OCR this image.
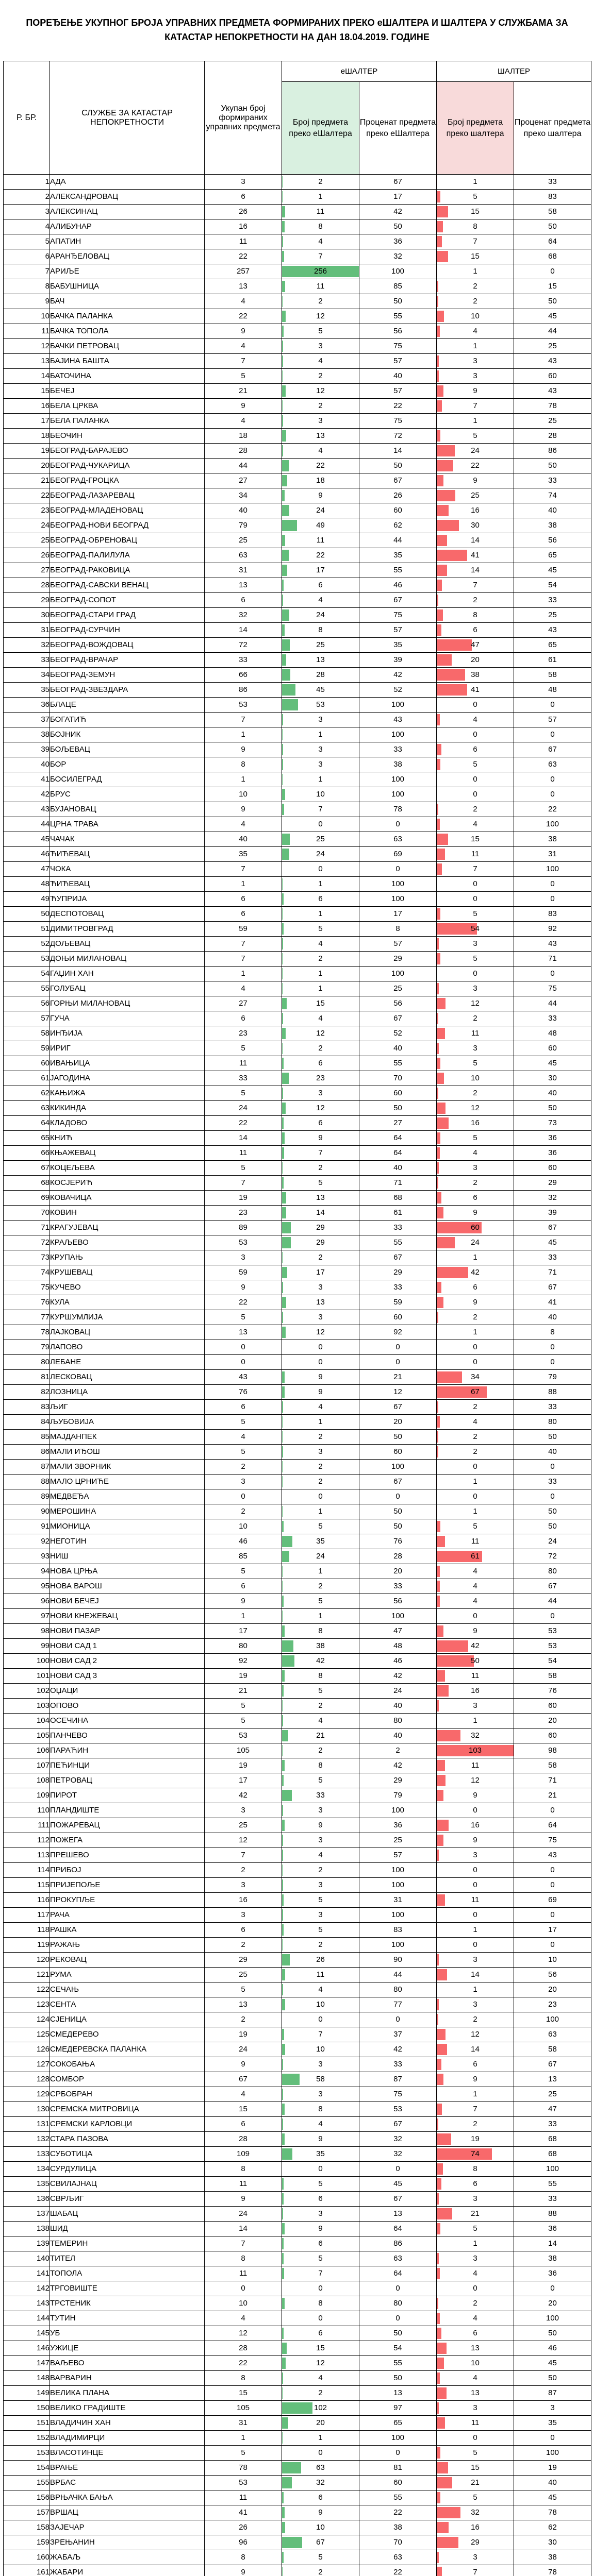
ПОРЕЂЕЊЕ УКУПНОГ БРОЈА УПРАВНИХ ПРЕДМЕТА ФОРМИРАНИХ ПРЕКО еШАЛТЕРА И ШАЛТЕРА У СЛУЖБАМА ЗА КАТАСТАР НЕПОКРЕТНОСТИ НА ДАН 18.04.2019. ГОДИНЕ
Р. БР.	СЛУЖБЕ ЗА КАТАСТАР НЕПОКРЕТНОСТИ	Укупан број формираних управних предмета	еШАЛТЕР		ШАЛТЕР	
			Број предмета преко еШалтера	Проценат предмета преко еШалтера	Број предмета преко шалтера	Проценат предмета преко шалтера
1	АДА	3	2	67	1	33
2	АЛЕКСАНДРОВАЦ	6	1	17	5	83
3	АЛЕКСИНАЦ	26	11	42	15	58
4	АЛИБУНАР	16	8	50	8	50
5	АПАТИН	11	4	36	7	64
6	АРАНЂЕЛОВАЦ	22	7	32	15	68
7	АРИЉЕ	257	256	100	1	0
8	БАБУШНИЦА	13	11	85	2	15
9	БАЧ	4	2	50	2	50
10	БАЧКА ПАЛАНКА	22	12	55	10	45
11	БАЧКА ТОПОЛА	9	5	56	4	44
12	БАЧКИ ПЕТРОВАЦ	4	3	75	1	25
13	БАЈИНА БАШТА	7	4	57	3	43
14	БАТОЧИНА	5	2	40	3	60
15	БЕЧЕЈ	21	12	57	9	43
16	БЕЛА ЦРКВА	9	2	22	7	78
17	БЕЛА ПАЛАНКА	4	3	75	1	25
18	БЕОЧИН	18	13	72	5	28
19	БЕОГРАД-БАРАЈЕВО	28	4	14	24	86
20	БЕОГРАД-ЧУКАРИЦА	44	22	50	22	50
21	БЕОГРАД-ГРОЦКА	27	18	67	9	33
22	БЕОГРАД-ЛАЗАРЕВАЦ	34	9	26	25	74
23	БЕОГРАД-МЛАДЕНОВАЦ	40	24	60	16	40
24	БЕОГРАД-НОВИ БЕОГРАД	79	49	62	30	38
25	БЕОГРАД-ОБРЕНОВАЦ	25	11	44	14	56
26	БЕОГРАД-ПАЛИЛУЛА	63	22	35	41	65
27	БЕОГРАД-РАКОВИЦА	31	17	55	14	45
28	БЕОГРАД-САВСКИ ВЕНАЦ	13	6	46	7	54
29	БЕОГРАД-СОПОТ	6	4	67	2	33
30	БЕОГРАД-СТАРИ ГРАД	32	24	75	8	25
31	БЕОГРАД-СУРЧИН	14	8	57	6	43
32	БЕОГРАД-ВОЖДОВАЦ	72	25	35	47	65
33	БЕОГРАД-ВРАЧАР	33	13	39	20	61
34	БЕОГРАД-ЗЕМУН	66	28	42	38	58
35	БЕОГРАД-ЗВЕЗДАРА	86	45	52	41	48
36	БЛАЦЕ	53	53	100	0	0
37	БОГАТИЋ	7	3	43	4	57
38	БОЈНИК	1	1	100	0	0
39	БОЉЕВАЦ	9	3	33	6	67
40	БОР	8	3	38	5	63
41	БОСИЛЕГРАД	1	1	100	0	0
42	БРУС	10	10	100	0	0
43	БУЈАНОВАЦ	9	7	78	2	22
44	ЦРНА ТРАВА	4	0	0	4	100
45	ЧАЧАК	40	25	63	15	38
46	ЋИЋЕВАЦ	35	24	69	11	31
47	ЧОКА	7	0	0	7	100
48	ЋИЋЕВАЦ	1	1	100	0	0
49	ЋУПРИЈА	6	6	100	0	0
50	ДЕСПОТОВАЦ	6	1	17	5	83
51	ДИМИТРОВГРАД	59	5	8	54	92
52	ДОЉЕВАЦ	7	4	57	3	43
53	ДОЊИ МИЛАНОВАЦ	7	2	29	5	71
54	ГАЏИН ХАН	1	1	100	0	0
55	ГОЛУБАЦ	4	1	25	3	75
56	ГОРЊИ МИЛАНОВАЦ	27	15	56	12	44
57	ГУЧА	6	4	67	2	33
58	ИНЂИЈА	23	12	52	11	48
59	ИРИГ	5	2	40	3	60
60	ИВАЊИЦА	11	6	55	5	45
61	ЈАГОДИНА	33	23	70	10	30
62	КАЊИЖА	5	3	60	2	40
63	КИКИНДА	24	12	50	12	50
64	КЛАДОВО	22	6	27	16	73
65	КНИЋ	14	9	64	5	36
66	КЊАЖЕВАЦ	11	7	64	4	36
67	КОЦЕЉЕВА	5	2	40	3	60
68	КОСЈЕРИЋ	7	5	71	2	29
69	КОВАЧИЦА	19	13	68	6	32
70	КОВИН	23	14	61	9	39
71	КРАГУЈЕВАЦ	89	29	33	60	67
72	КРАЉЕВО	53	29	55	24	45
73	КРУПАЊ	3	2	67	1	33
74	КРУШЕВАЦ	59	17	29	42	71
75	КУЧЕВО	9	3	33	6	67
76	КУЛА	22	13	59	9	41
77	КУРШУМЛИЈА	5	3	60	2	40
78	ЛАЈКОВАЦ	13	12	92	1	8
79	ЛАПОВО	0	0	0	0	0
80	ЛЕБАНЕ	0	0	0	0	0
81	ЛЕСКОВАЦ	43	9	21	34	79
82	ЛОЗНИЦА	76	9	12	67	88
83	ЉИГ	6	4	67	2	33
84	ЉУБОВИЈА	5	1	20	4	80
85	МАЈДАНПЕК	4	2	50	2	50
86	МАЛИ ИЂОШ	5	3	60	2	40
87	МАЛИ ЗВОРНИК	2	2	100	0	0
88	МАЛО ЦРНИЋЕ	3	2	67	1	33
89	МЕДВЕЂА	0	0	0	0	0
90	МЕРОШИНА	2	1	50	1	50
91	МИОНИЦА	10	5	50	5	50
92	НЕГОТИН	46	35	76	11	24
93	НИШ	85	24	28	61	72
94	НОВА ЦРЊА	5	1	20	4	80
95	НОВА ВАРОШ	6	2	33	4	67
96	НОВИ БЕЧЕЈ	9	5	56	4	44
97	НОВИ КНЕЖЕВАЦ	1	1	100	0	0
98	НОВИ ПАЗАР	17	8	47	9	53
99	НОВИ САД 1	80	38	48	42	53
100	НОВИ САД 2	92	42	46	50	54
101	НОВИ САД 3	19	8	42	11	58
102	ОЏАЦИ	21	5	24	16	76
103	ОПОВО	5	2	40	3	60
104	ОСЕЧИНА	5	4	80	1	20
105	ПАНЧЕВО	53	21	40	32	60
106	ПАРАЋИН	105	2	2	103	98
107	ПЕЋИНЦИ	19	8	42	11	58
108	ПЕТРОВАЦ	17	5	29	12	71
109	ПИРОТ	42	33	79	9	21
110	ПЛАНДИШТЕ	3	3	100	0	0
111	ПОЖАРЕВАЦ	25	9	36	16	64
112	ПОЖЕГА	12	3	25	9	75
113	ПРЕШЕВО	7	4	57	3	43
114	ПРИБОЈ	2	2	100	0	0
115	ПРИЈЕПОЉЕ	3	3	100	0	0
116	ПРОКУПЉЕ	16	5	31	11	69
117	РАЧА	3	3	100	0	0
118	РАШКА	6	5	83	1	17
119	РАЖАЊ	2	2	100	0	0
120	РЕКОВАЦ	29	26	90	3	10
121	РУМА	25	11	44	14	56
122	СЕЧАЊ	5	4	80	1	20
123	СЕНТА	13	10	77	3	23
124	СЈЕНИЦА	2	0	0	2	100
125	СМЕДЕРЕВО	19	7	37	12	63
126	СМЕДЕРЕВСКА ПАЛАНКА	24	10	42	14	58
127	СОКОБАЊА	9	3	33	6	67
128	СОМБОР	67	58	87	9	13
129	СРБОБРАН	4	3	75	1	25
130	СРЕМСКА МИТРОВИЦА	15	8	53	7	47
131	СРЕМСКИ КАРЛОВЦИ	6	4	67	2	33
132	СТАРА ПАЗОВА	28	9	32	19	68
133	СУБОТИЦА	109	35	32	74	68
134	СУРДУЛИЦА	8	0	0	8	100
135	СВИЛАЈНАЦ	11	5	45	6	55
136	СВРЉИГ	9	6	67	3	33
137	ШАБАЦ	24	3	13	21	88
138	ШИД	14	9	64	5	36
139	ТЕМЕРИН	7	6	86	1	14
140	ТИТЕЛ	8	5	63	3	38
141	ТОПОЛА	11	7	64	4	36
142	ТРГОВИШТЕ	0	0	0	0	0
143	ТРСТЕНИК	10	8	80	2	20
144	ТУТИН	4	0	0	4	100
145	УБ	12	6	50	6	50
146	УЖИЦЕ	28	15	54	13	46
147	ВАЉЕВО	22	12	55	10	45
148	ВАРВАРИН	8	4	50	4	50
149	ВЕЛИКА ПЛАНА	15	2	13	13	87
150	ВЕЛИКО ГРАДИШТЕ	105	102	97	3	3
151	ВЛАДИЧИН ХАН	31	20	65	11	35
152	ВЛАДИМИРЦИ	1	1	100	0	0
153	ВЛАСОТИНЦЕ	5	0	0	5	100
154	ВРАЊЕ	78	63	81	15	19
155	ВРБАС	53	32	60	21	40
156	ВРЊАЧКА БАЊА	11	6	55	5	45
157	ВРШАЦ	41	9	22	32	78
158	ЗАЈЕЧАР	26	10	38	16	62
159	ЗРЕЊАНИН	96	67	70	29	30
160	ЖАБАЉ	8	5	63	3	38
161	ЖАБАРИ	9	2	22	7	78
